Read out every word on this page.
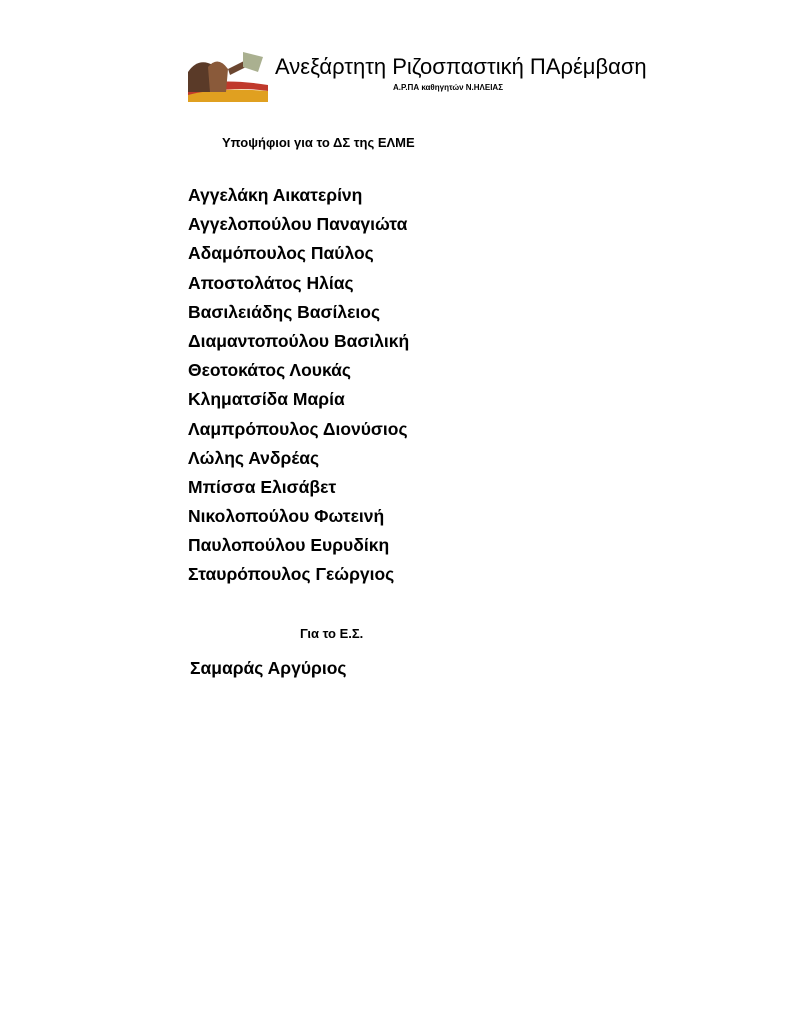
Ανεξάρτητη Ριζοσπαστική ΠΑρέμβαση
Α.Ρ.ΠΑ καθηγητών Ν.ΗΛΕΙΑΣ
Υποψήφιοι για το ΔΣ της ΕΛΜΕ
Αγγελάκη Αικατερίνη
Αγγελοπούλου Παναγιώτα
Αδαμόπουλος Παύλος
Αποστολάτος Ηλίας
Βασιλειάδης Βασίλειος
Διαμαντοπούλου Βασιλική
Θεοτοκάτος Λουκάς
Κληματσίδα Μαρία
Λαμπρόπουλος Διονύσιος
Λώλης Ανδρέας
Μπίσσα Ελισάβετ
Νικολοπούλου Φωτεινή
Παυλοπούλου Ευρυδίκη
Σταυρόπουλος Γεώργιος
Για το Ε.Σ.
Σαμαράς Αργύριος
